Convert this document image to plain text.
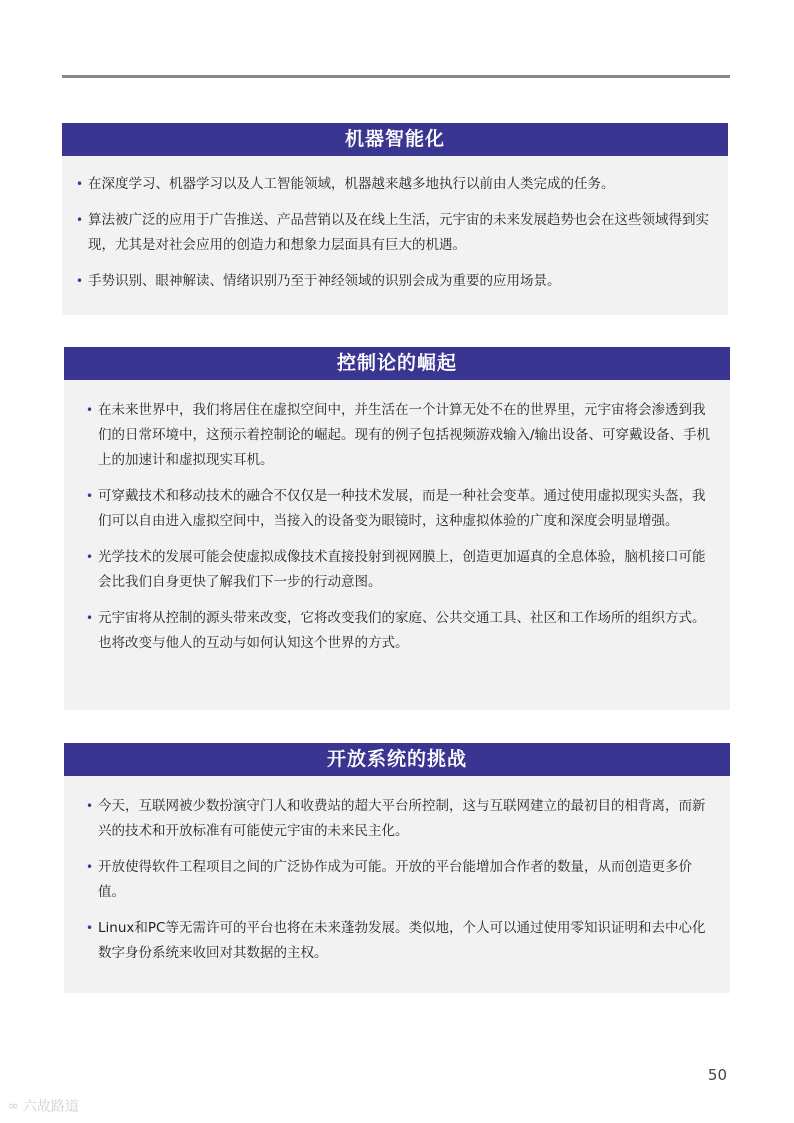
机器智能化
• 在深度学习、机器学习以及人工智能领域，机器越来越多地执行以前由人类完成的任务。
• 算法被广泛的应用于广告推送、产品营销以及在线上生活，元宇宙的未来发展趋势也会在这些领域得到实现，尤其是对社会应用的创造力和想象力层面具有巨大的机遇。
• 手势识别、眼神解读、情绪识别乃至于神经领域的识别会成为重要的应用场景。
控制论的崛起
• 在未来世界中，我们将居住在虚拟空间中，并生活在一个计算无处不在的世界里，元宇宙将会渗透到我们的日常环境中，这预示着控制论的崛起。现有的例子包括视频游戏输入/输出设备、可穿戴设备、手机上的加速计和虚拟现实耳机。
• 可穿戴技术和移动技术的融合不仅仅是一种技术发展，而是一种社会变革。通过使用虚拟现实头盔，我们可以自由进入虚拟空间中，当接入的设备变为眼镜时，这种虚拟体验的广度和深度会明显增强。
• 光学技术的发展可能会使虚拟成像技术直接投射到视网膜上，创造更加逼真的全息体验，脑机接口可能会比我们自身更快了解我们下一步的行动意图。
• 元宇宙将从控制的源头带来改变，它将改变我们的家庭、公共交通工具、社区和工作场所的组织方式。也将改变与他人的互动与如何认知这个世界的方式。
开放系统的挑战
• 今天，互联网被少数扮演守门人和收费站的超大平台所控制，这与互联网建立的最初目的相背离，而新兴的技术和开放标准有可能使元宇宙的未来民主化。
• 开放使得软件工程项目之间的广泛协作成为可能。开放的平台能增加合作者的数量，从而创造更多价值。
• Linux和PC等无需许可的平台也将在未来蓬勃发展。类似地，个人可以通过使用零知识证明和去中心化数字身份系统来收回对其数据的主权。
50
∞ 六故路道
